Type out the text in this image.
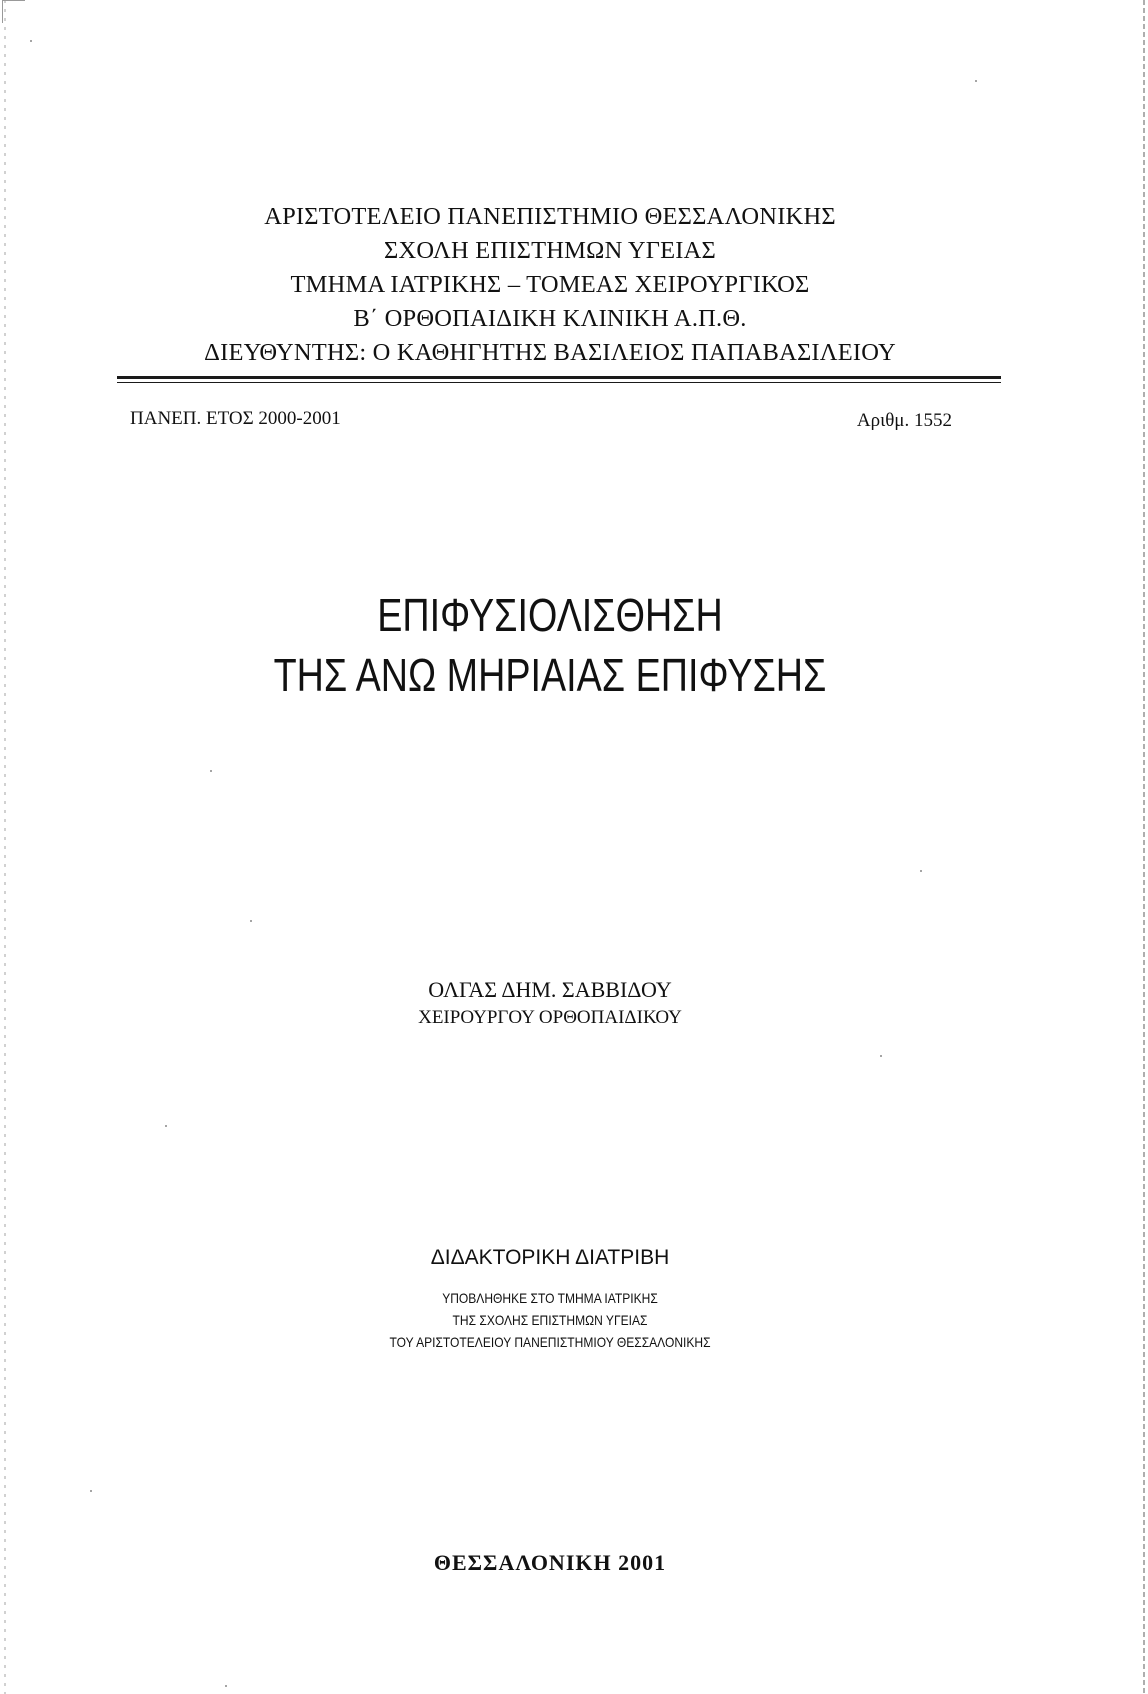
ΑΡΙΣΤΟΤΕΛΕΙΟ ΠΑΝΕΠΙΣΤΗΜΙΟ ΘΕΣΣΑΛΟΝΙΚΗΣ
ΣΧΟΛΗ ΕΠΙΣΤΗΜΩΝ ΥΓΕΙΑΣ
ΤΜΗΜΑ ΙΑΤΡΙΚΗΣ – ΤΟΜΕΑΣ ΧΕΙΡΟΥΡΓΙΚΟΣ
Β΄ ΟΡΘΟΠΑΙΔΙΚΗ ΚΛΙΝΙΚΗ Α.Π.Θ.
ΔΙΕΥΘΥΝΤΗΣ: Ο ΚΑΘΗΓΗΤΗΣ ΒΑΣΙΛΕΙΟΣ ΠΑΠΑΒΑΣΙΛΕΙΟΥ
ΠΑΝΕΠ. ΕΤΟΣ 2000-2001	Αριθμ. 1552
ΕΠΙΦΥΣΙΟΛΙΣΘΗΣΗ
ΤΗΣ ΑΝΩ ΜΗΡΙΑΙΑΣ ΕΠΙΦΥΣΗΣ
ΟΛΓΑΣ ΔΗΜ. ΣΑΒΒΙΔΟΥ
ΧΕΙΡΟΥΡΓΟΥ ΟΡΘΟΠΑΙΔΙΚΟΥ
ΔΙΔΑΚΤΟΡΙΚΗ ΔΙΑΤΡΙΒΗ
ΥΠΟΒΛΗΘΗΚΕ ΣΤΟ ΤΜΗΜΑ ΙΑΤΡΙΚΗΣ
ΤΗΣ ΣΧΟΛΗΣ ΕΠΙΣΤΗΜΩΝ ΥΓΕΙΑΣ
ΤΟΥ ΑΡΙΣΤΟΤΕΛΕΙΟΥ ΠΑΝΕΠΙΣΤΗΜΙΟΥ ΘΕΣΣΑΛΟΝΙΚΗΣ
ΘΕΣΣΑΛΟΝΙΚΗ 2001
